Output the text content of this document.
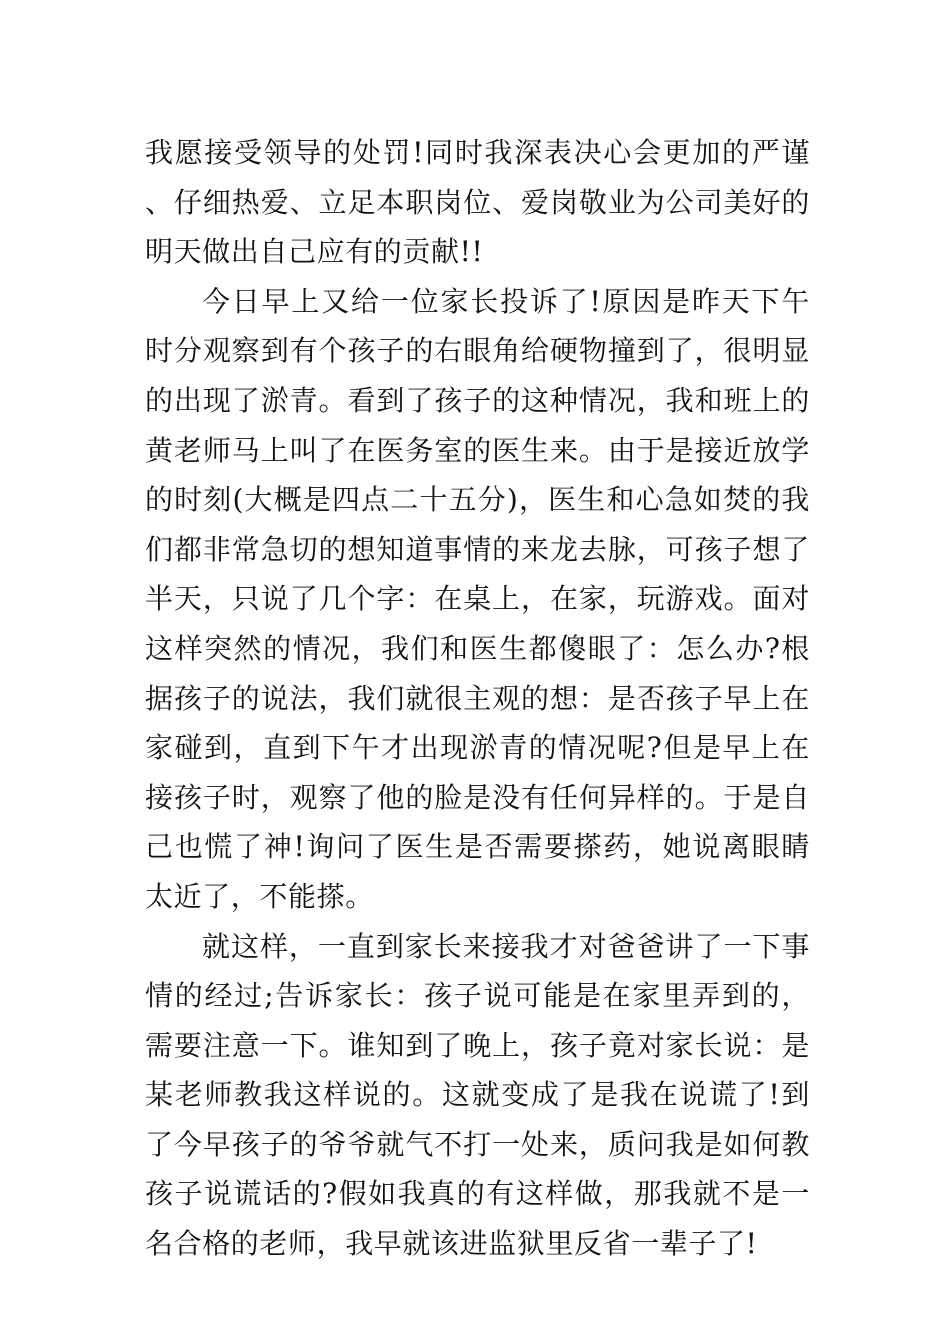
我愿接受领导的处罚!同时我深表决心会更加的严谨、仔细热爱、立足本职岗位、爱岗敬业为公司美好的明天做出自己应有的贡献!!

今日早上又给一位家长投诉了!原因是昨天下午时分观察到有个孩子的右眼角给硬物撞到了，很明显的出现了淤青。看到了孩子的这种情况，我和班上的黄老师马上叫了在医务室的医生来。由于是接近放学的时刻(大概是四点二十五分)，医生和心急如焚的我们都非常急切的想知道事情的来龙去脉，可孩子想了半天，只说了几个字：在桌上，在家，玩游戏。面对这样突然的情况，我们和医生都傻眼了：怎么办?根据孩子的说法，我们就很主观的想：是否孩子早上在家碰到，直到下午才出现淤青的情况呢?但是早上在接孩子时，观察了他的脸是没有任何异样的。于是自己也慌了神!询问了医生是否需要搽药，她说离眼睛太近了，不能搽。

就这样，一直到家长来接我才对爸爸讲了一下事情的经过;告诉家长：孩子说可能是在家里弄到的，需要注意一下。谁知到了晚上，孩子竟对家长说：是某老师教我这样说的。这就变成了是我在说谎了!到了今早孩子的爷爷就气不打一处来，质问我是如何教孩子说谎话的?假如我真的有这样做，那我就不是一名合格的老师，我早就该进监狱里反省一辈子了!
